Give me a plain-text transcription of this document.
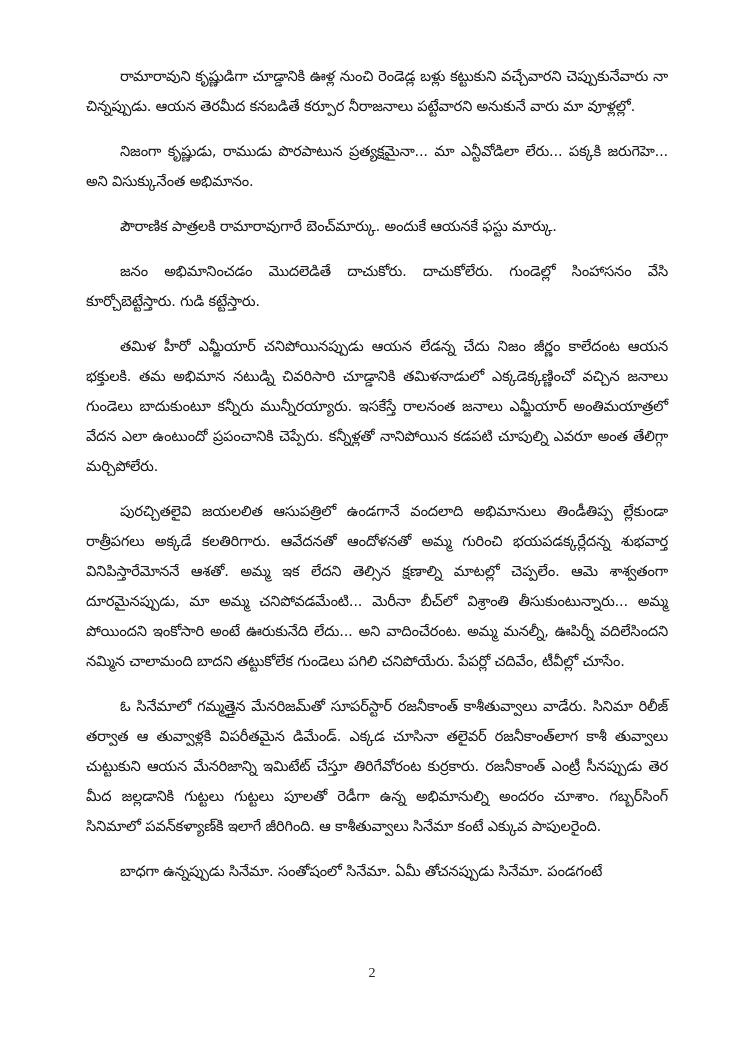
రామారావుని కృష్ణుడిగా చూడ్డానికి ఊళ్ల నుంచి రెండెడ్ల బళ్లు కట్టుకుని వచ్చేవారని చెప్పుకునేవారు నా చిన్నప్పుడు. ఆయన తెరమీద కనబడితే కర్పూర నీరాజనాలు పట్టేవారని అనుకునే వారు మా వూళ్లల్లో.

నిజంగా కృష్ణుడు, రాముడు పొరపాటున ప్రత్యక్షమైనా... మా ఎన్టీవోడిలా లేరు... పక్కకి జరుగెహె... అని విసుక్కునేంత అభిమానం.

పౌరాణిక పాత్రలకి రామారావుగారే బెంచ్‌మార్కు. అందుకే ఆయనకే ఫస్టు మార్కు.

జనం అభిమానించడం మొదలెడితే దాచుకోరు. దాచుకోలేరు. గుండెల్లో సింహాసనం వేసి కూర్చోబెట్టేస్తారు. గుడి కట్టేస్తారు.

తమిళ హీరో ఎమ్జీయార్ చనిపోయినప్పుడు ఆయన లేడన్న చేదు నిజం జీర్ణం కాలేదంట ఆయన భక్తులకి. తమ అభిమాన నటుడ్ని చివరిసారి చూడ్డానికి తమిళనాడులో ఎక్కడెక్కణ్ణించో వచ్చిన జనాలు గుండెలు బాదుకుంటూ కన్నీరు మున్నీరయ్యారు. ఇసకేస్తే రాలనంత జనాలు ఎమ్జీయార్ అంతిమయాత్రలో వేదన ఎలా ఉంటుందో ప్రపంచానికి చెప్పేరు. కన్నీళ్లతో నానిపోయిన కడపటి చూపుల్ని ఎవరూ అంత తేలిగ్గా మర్చిపోలేరు.

పురచ్చితలైవి జయలలిత ఆసుపత్రిలో ఉండగానే వందలాది అభిమానులు తిండీతిప్ప ల్లేకుండా రాత్రీపగలు అక్కడే కలతిరిగారు. ఆవేదనతో ఆందోళనతో అమ్మ గురించి భయపడక్కర్లేదన్న శుభవార్త వినిపిస్తారేమోననే ఆశతో. అమ్మ ఇక లేదని తెల్సిన క్షణాల్ని మాటల్లో చెప్పలేం. ఆమె శాశ్వతంగా దూరమైనప్పుడు, మా అమ్మ చనిపోవడమేంటి... మెరీనా బీచ్‌లో విశ్రాంతి తీసుకుంటున్నారు... అమ్మ పోయిందని ఇంకోసారి అంటే ఊరుకునేది లేదు... అని వాదించేరంట. అమ్మ మనల్నీ, ఊపిర్నీ వదిలేసిందని నమ్మిన చాలామంది బాదని తట్టుకోలేక గుండెలు పగిలి చనిపోయేరు. పేపర్లో చదివేం, టీవీల్లో చూసేం.

ఓ సినేమాలో గమ్మత్తైన మేనరిజమ్‌తో సూపర్‌స్టార్ రజనీకాంత్ కాశీతువ్వాలు వాడేరు. సినిమా రిలీజ్ తర్వాత ఆ తువ్వాళ్లకి విపరీతమైన డిమేండ్. ఎక్కడ చూసినా తలైవర్ రజనీకాంత్‌లాగ కాశీ తువ్వాలు చుట్టుకుని ఆయన మేనరిజాన్ని ఇమిటేట్ చేస్తూ తిరిగేవోరంట కుర్రకారు. రజనీకాంత్ ఎంట్రీ సీనప్పుడు తెర మీద జల్లడానికి గుట్టలు గుట్టలు పూలతో రెడీగా ఉన్న అభిమానుల్ని అందరం చూశాం. గబ్బర్‌సింగ్ సినిమాలో పవన్‌కళ్యాణ్‌కి ఇలాగే జీరిగింది. ఆ కాశీతువ్వాలు సినేమా కంటే ఎక్కువ పాపులరైంది.

బాధగా ఉన్నప్పుడు సినేమా. సంతోషంలో సినేమా. ఏమీ తోచనప్పుడు సినేమా. పండగంటే

2
